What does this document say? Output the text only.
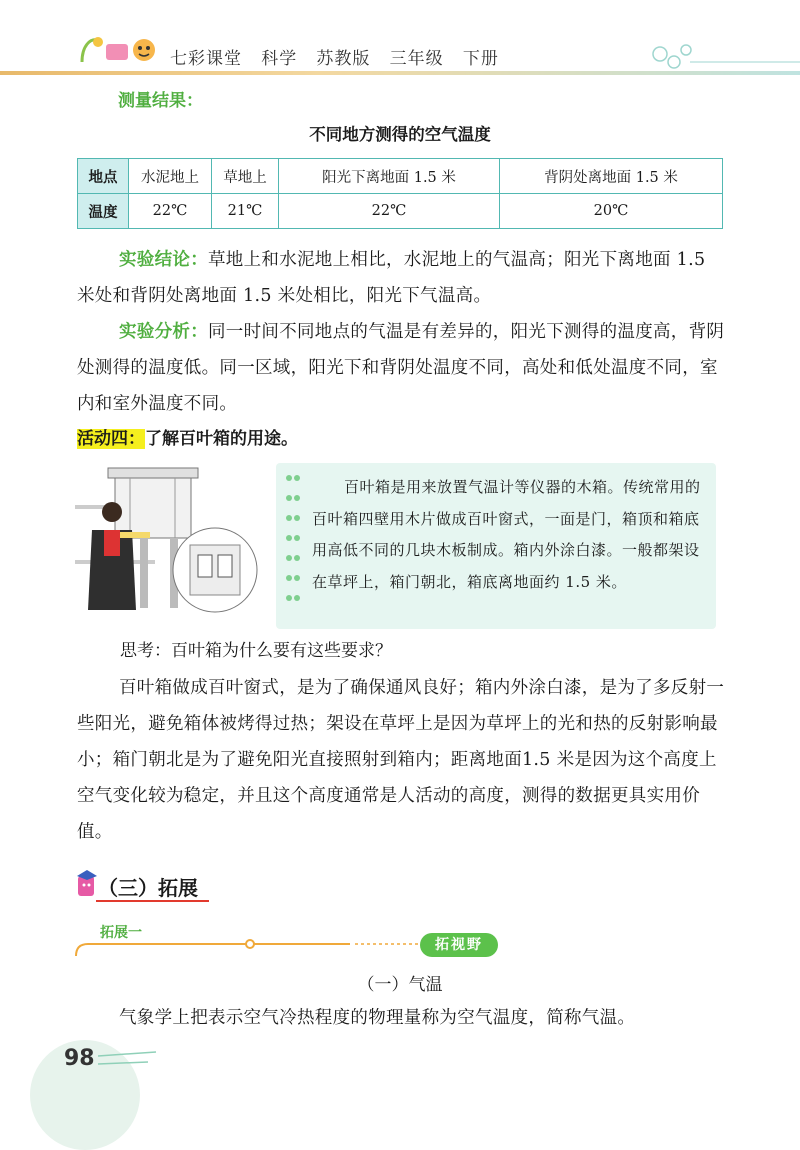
七彩课堂   科学   苏教版   三年级   下册
测量结果：
不同地方测得的空气温度
地点	水泥地上	草地上	阳光下离地面 1.5 米	背阴处离地面 1.5 米
温度	22℃	21℃	22℃	20℃
实验结论：草地上和水泥地上相比，水泥地上的气温高；阳光下离地面 1.5 米处和背阴处离地面 1.5 米处相比，阳光下气温高。
实验分析：同一时间不同地点的气温是有差异的，阳光下测得的温度高，背阴处测得的温度低。同一区域，阳光下和背阴处温度不同，高处和低处温度不同，室内和室外温度不同。
活动四：了解百叶箱的用途。
百叶箱是用来放置气温计等仪器的木箱。传统常用的百叶箱四壁用木片做成百叶窗式，一面是门，箱顶和箱底用高低不同的几块木板制成。箱内外涂白漆。一般都架设在草坪上，箱门朝北，箱底离地面约 1.5 米。
思考：百叶箱为什么要有这些要求？
百叶箱做成百叶窗式，是为了确保通风良好；箱内外涂白漆，是为了多反射一些阳光，避免箱体被烤得过热；架设在草坪上是因为草坪上的光和热的反射影响最小；箱门朝北是为了避免阳光直接照射到箱内；距离地面1.5 米是因为这个高度上空气变化较为稳定，并且这个高度通常是人活动的高度，测得的数据更具实用价值。
（三）拓展
拓展一
拓视野
（一）气温
气象学上把表示空气冷热程度的物理量称为空气温度，简称气温。
98
